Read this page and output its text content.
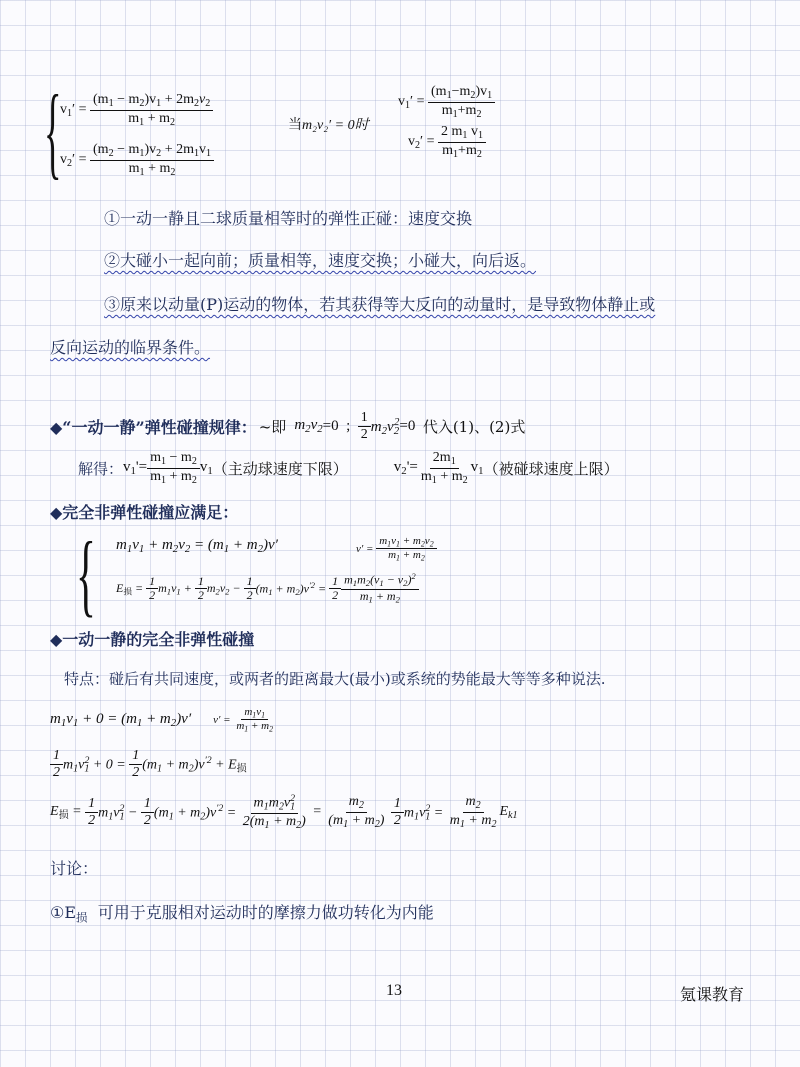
{
$v_1' = \frac{(m_1 - m_2)v_1 + 2m_2v_2}{m_1 + m_2}$
$v_2' = \frac{(m_2 - m_1)v_2 + 2m_1v_1}{m_1 + m_2}$
当m₂v₂′ = 0时
$v_1' = \frac{(m_1-m_2)v_1}{m_1+m_2}$
$v_2' = \frac{2 m_1 v_1}{m_1+m_2}$
①一动一静且二球质量相等时的弹性正碰：速度交换
②大碰小一起向前；质量相等，速度交换；小碰大，向后返。
③原来以动量(P)运动的物体，若其获得等大反向的动量时，是导致物体静止或
反向运动的临界条件。
◆“一动一静”弹性碰撞规律： ~ 即 $m_2v_2 =0$  ; $\frac{1}{2} m_2v_2^2 =0$ 代入(1)、(2)式
解得： $v_1'= \frac{m_1 - m_2}{m_1 + m_2} v_1$ （主动球速度下限）	$v_2'= \frac{2m_1}{m_1 + m_2} v_1$ （被碰球速度上限）
◆完全非弹性碰撞应满足：
{ $m_1v_1 + m_2v_2 = (m_1 + m_2)v'$	$v' = \frac{m_1v_1 + m_2v_2}{m_1 + m_2}$
$E_损 = \frac{1}{2} m_1v_1 + \frac{1}{2} m_2v_2 - \frac{1}{2} (m_1 + m_2)v^{'2} = \frac{1}{2} \frac{m_1m_2(v_1 - v_2)^2}{m_1 + m_2}$
◆一动一静的完全非弹性碰撞
特点：碰后有共同速度，或两者的距离最大(最小)或系统的势能最大等等多种说法.
$m_1v_1 + 0 = (m_1 + m_2)v'$ $v' = \frac{m_1v_1}{m_1 + m_2}$
$\frac{1}{2} m_1v_1^2 + 0 = \frac{1}{2} (m_1 + m_2)v^{'2} + E_损$
$E_损 = \frac{1}{2} m_1v_1^2 - \frac{1}{2} (m_1 + m_2)v^{'2} = \frac{m_1m_2v_1^2}{2(m_1 + m_2)} = \frac{m_2}{(m_1 + m_2)}$
$\frac{1}{2} m_1v_1^2 = \frac{m_2}{m_1 + m_2} E_{k1}$
讨论：
$①E_损$ 可用于克服相对运动时的摩擦力做功转化为内能
13	氪课教育
